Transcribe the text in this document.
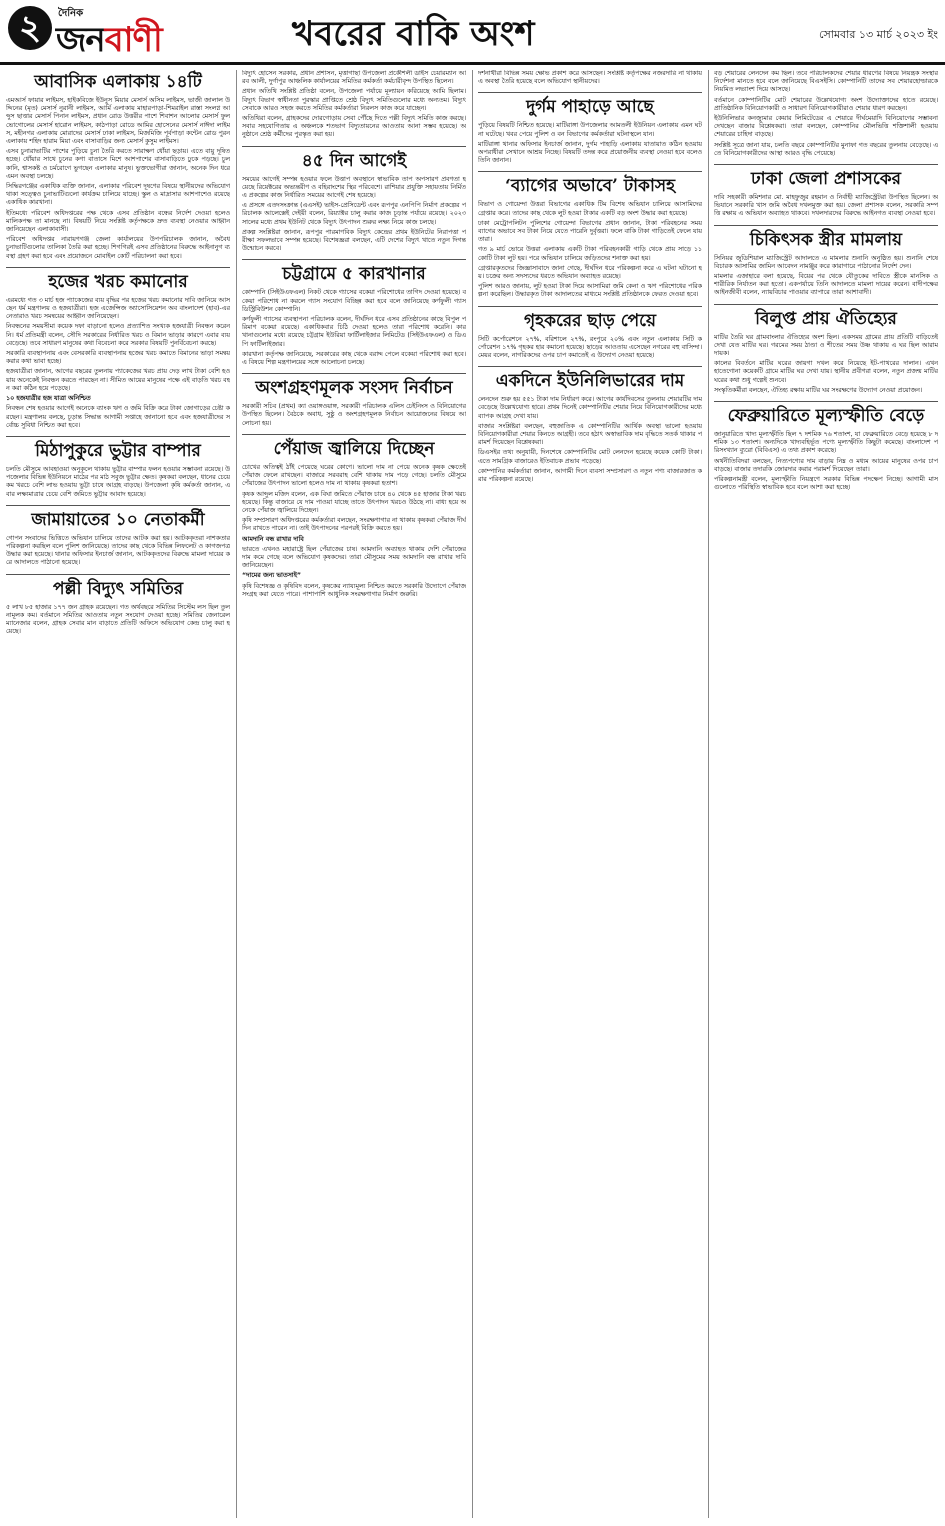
২	দৈনিক
জনবাণী	খবরের বাকি অংশ	সোমবার ১৩ মার্চ ২০২৩ ইং
আবাসিক এলাকায় ১৪টি

এমআর্স ফায়ার লাইমস, হাইকবিজে ইউনুস মিয়ার মেসার্স অসিম লাইমস, ভাজী জালাল উদ্দিনের (মৃত) মেসার্স নুরানী লাইমস, আর্মি এলাকায় মাহারপাড়া-শিমরাইল রাস্তা সংলগ্ন আব্দুস ছাত্তার মেসার্স পিনান লাইমস, প্রধান রোড উত্তরীর পাশে শিবাশন আলোর মেসার্স ফুল ভোগোলের মেসার্স হারোন লাইমস, কাঠপাড়া রোডে আমির হোসেনের মেসার্স নাঈদা লাইমস, মহীনগর এলাকায় মোরাদের মেসার্স ঢাকা লাইমস, মিজমিজি পূর্বপাড়া কন্টেন রোড পুরন এলাকায় শহিদ হারাম মিয়া এবং বাসাবাড়ির জন্য মেসার্স কুসুম লাইমস।

এসব চুনারাভাটির পাশের পুড়িয়ে চুনা তৈরি করতে সারাক্ষণ ধোঁয়া ছড়ায়। এতে বায়ু দূষিত হচ্ছে। ধোঁয়ার সাথে চুনের কণা বাতাসে মিশে আশপাশের বাসাবাড়িতে ঢুকে পড়ছে। চুলকানি, শ্বাসকষ্ট ও চর্মরোগে ভুগছেন এলাকার মানুষ। ভুক্তভোগীরা জানান, অনেক দিন ধরে এমন অবস্থা চলছে।

সিদ্ধিরগঞ্জের একাধিক ব্যক্তি জানান, এলাকার পরিবেশ দূষণের বিষয়ে স্থানীয়দের অভিযোগ থাকা সত্ত্বেও চুনাভাটিগুলো কার্যক্রম চালিয়ে যাচ্ছে। স্কুল ও মাদ্রাসার আশপাশেও রয়েছে একাধিক কারখানা।

ইতিমধ্যে পরিবেশ অধিদপ্তরের পক্ষ থেকে এসব প্রতিষ্ঠান বন্ধের নির্দেশ দেওয়া হলেও মালিকপক্ষ তা মানছে না। বিষয়টি নিয়ে সংশ্লিষ্ট কর্তৃপক্ষকে দ্রুত ব্যবস্থা নেওয়ার আহ্বান জানিয়েছেন এলাকাবাসী।

পরিবেশ অধিদপ্তর নারায়ণগঞ্জ জেলা কার্যালয়ের উপপরিচালক জানান, অবৈধ চুনাভাটিগুলোর তালিকা তৈরি করা হচ্ছে। শিগগিরই এসব প্রতিষ্ঠানের বিরুদ্ধে আইনানুগ ব্যবস্থা গ্রহণ করা হবে এবং প্রয়োজনে মোবাইল কোর্ট পরিচালনা করা হবে।

হজের খরচ কমানোর

এরমধ্যে গত ৩ মার্চ হজ প্যাকেজের ব্যয় বৃদ্ধির পর হজের খরচ কমানোর দাবি জানিয়ে আসছেন ধর্ম মন্ত্রণালয় ও হজযাত্রীরা। হজ এজেন্সিজ অ্যাসোসিয়েশন অব বাংলাদেশ (হাব)-এর নেতারাও খরচ সমন্বয়ের আহ্বান জানিয়েছেন।

নিবন্ধনের সময়সীমা কয়েক দফা বাড়ানো হলেও প্রত্যাশিত সংখ্যক হজযাত্রী নিবন্ধন করেননি। ধর্ম প্রতিমন্ত্রী বলেন, সৌদি সরকারের নির্ধারিত খরচ ও বিমান ভাড়ার কারণে এবার ব্যয় বেড়েছে। তবে সাধারণ মানুষের কথা বিবেচনা করে সরকার বিষয়টি পুনর্বিবেচনা করছে।

সরকারি ব্যবস্থাপনায় এবং বেসরকারি ব্যবস্থাপনায় হজের খরচ কমাতে বিমানের ভাড়া সমন্বয় করার কথা ভাবা হচ্ছে।

হজযাত্রীরা জানান, আগের বছরের তুলনায় প্যাকেজের খরচ প্রায় দেড় লাখ টাকা বেশি হওয়ায় অনেকেই নিবন্ধন করতে পারছেন না। সীমিত আয়ের মানুষের পক্ষে এই বাড়তি খরচ বহন করা কঠিন হয়ে পড়েছে।

১০ হজযাত্রীর হজ যাত্রা অনিশ্চিত

নিবন্ধন শেষ হওয়ার আগেই অনেকে ব্যাংক ঋণ ও জমি বিক্রি করে টাকা জোগাড়ের চেষ্টা করছেন। মন্ত্রণালয় বলছে, চূড়ান্ত সিদ্ধান্ত আগামী সপ্তাহে জানানো হবে এবং হজযাত্রীদের সর্বোচ্চ সুবিধা নিশ্চিত করা হবে।

মিঠাপুকুরে ভুট্টার বাম্পার

চলতি মৌসুমে আবহাওয়া অনুকূলে থাকায় ভুট্টার বাম্পার ফলন হওয়ার সম্ভাবনা রয়েছে। উপজেলার বিভিন্ন ইউনিয়নে মাঠের পর মাঠ সবুজ ভুট্টার ক্ষেত। কৃষকরা বলছেন, ধানের চেয়ে কম খরচে বেশি লাভ হওয়ায় ভুট্টা চাষে আগ্রহ বাড়ছে। উপজেলা কৃষি কর্মকর্তা জানান, এবার লক্ষ্যমাত্রার চেয়ে বেশি জমিতে ভুট্টার আবাদ হয়েছে।

জামায়াতের ১০ নেতাকর্মী

গোপন সংবাদের ভিত্তিতে অভিযান চালিয়ে তাদের আটক করা হয়। আটককৃতরা নাশকতার পরিকল্পনা করছিল বলে পুলিশ জানিয়েছে। তাদের কাছ থেকে বিভিন্ন লিফলেট ও কাগজপত্র উদ্ধার করা হয়েছে। থানার অফিসার ইনচার্জ জানান, আটককৃতদের বিরুদ্ধে মামলা দায়ের করে আদালতে পাঠানো হয়েছে।

পল্লী বিদ্যুৎ সমিতির

৫ লাখ ৮৫ হাজার ১৭৭ জন গ্রাহক রয়েছেন। গত অর্থবছরে সমিতির সিস্টেম লস ছিল তুলনামূলক কম। বর্তমানে সমিতির আওতায় নতুন সংযোগ দেওয়া হচ্ছে। সমিতির জেনারেল ম্যানেজার বলেন, গ্রাহক সেবার মান বাড়াতে প্রতিটি অফিসে অভিযোগ কেন্দ্র চালু করা হয়েছে।

বিদ্যুৎ হোসেন সরকার, প্রধান প্রশাসন, মৃত্তাগাছা উপজেলা প্রকৌশলী ডাইস চেয়ারম্যান আরব আলী, দুর্গাপুর আঞ্চলিক কার্যালয়ের সমিতির কর্মকর্তা কর্মচারীবৃন্দ উপস্থিত ছিলেন।

প্রধান অতিথি সংশ্লিষ্ট প্রতিষ্ঠা বলেন, উপজেলা পর্যায়ে মূল্যায়ন করিয়েছে আমি ছিলাম। বিদ্যুৎ বিভাগ স্বাধীনতা পুরস্কার প্রাপ্তিতে শ্রেষ্ঠ বিদ্যুৎ সমিতিগুলোর মধ্যে অন্যতম। বিদ্যুৎ সেবাকে আরও সহজ করতে সমিতির কর্মকর্তারা নিরলস কাজ করে যাচ্ছেন।

অতিথিরা বলেন, গ্রাহকদের দোরগোড়ায় সেবা পৌঁছে দিতে পল্লী বিদ্যুৎ সমিতি কাজ করছে। সবার সহযোগিতায় এ অঞ্চলকে শতভাগ বিদ্যুতায়নের আওতায় আনা সম্ভব হয়েছে। অনুষ্ঠানে শ্রেষ্ঠ কর্মীদের পুরস্কৃত করা হয়।

৪৫ দিন আগেই

সময়ের আগেই সম্পন্ন হওয়ার ফলে উত্তাপ অবস্থানে স্বাভাবিক তাপ অপসারণ প্রবণতা হয়েছে রিয়েক্টরের অভ্যন্তরীণ ও বহিরাংশের স্থির পরিবেশে। রাশিয়ার প্রযুক্তি সহায়তায় নির্মিত এ প্রকল্পের কাজ নির্ধারিত সময়ের আগেই শেষ হয়েছে।

এ প্রসঙ্গে এতদসংক্রান্ত (এএসই) ভাইস-প্রেসিডেন্ট এবং রূপপুর এনপিপি নির্মাণ প্রকল্পের পরিচালক আলেক্সেই দেইয়ী বলেন, রিয়্যাক্টর চালু করার কাজ চূড়ান্ত পর্যায়ে রয়েছে। ২০২৩ সালের মধ্যে প্রথম ইউনিট থেকে বিদ্যুৎ উৎপাদন শুরুর লক্ষ্য নিয়ে কাজ চলছে।

প্রকল্প সংশ্লিষ্টরা জানান, রূপপুর পারমাণবিক বিদ্যুৎ কেন্দ্রের প্রথম ইউনিটের নিরাপত্তা পরীক্ষা সফলভাবে সম্পন্ন হয়েছে। বিশেষজ্ঞরা বলছেন, এটি দেশের বিদ্যুৎ খাতে নতুন দিগন্ত উন্মোচন করবে।

চট্টগ্রামে ৫ কারখানার

কোম্পানি (সিইউএফএল) নিকট থেকে গ্যাসের বকেয়া পরিশোধের তাগিদ দেওয়া হয়েছে। বকেয়া পরিশোধ না করলে গ্যাস সংযোগ বিচ্ছিন্ন করা হবে বলে জানিয়েছে কর্ণফুলী গ্যাস ডিস্ট্রিবিউশন কোম্পানি।

কর্ণফুলী গ্যাসের ব্যবস্থাপনা পরিচালক বলেন, দীর্ঘদিন ধরে এসব প্রতিষ্ঠানের কাছে বিপুল পরিমাণ বকেয়া রয়েছে। একাধিকবার চিঠি দেওয়া হলেও তারা পরিশোধ করেনি। কারখানাগুলোর মধ্যে রয়েছে চট্টগ্রাম ইউরিয়া ফার্টিলাইজার লিমিটেড (সিইউএফএল) ও ডিএপি ফার্টিলাইজার।

কারখানা কর্তৃপক্ষ জানিয়েছে, সরকারের কাছ থেকে বরাদ্দ পেলে বকেয়া পরিশোধ করা হবে। এ বিষয়ে শিল্প মন্ত্রণালয়ের সঙ্গে আলোচনা চলছে।

অংশগ্রহণমূলক সংসদ নির্বাচন

সরকারী সচিব (প্রথম) ক্যা ওয়াঙ্গওয়াঙ্গ, সরকারী পরিচালক এলিস চেইনিংস ও বিনিয়োগের উপস্থিত ছিলেন। বৈঠকে অবাধ, সুষ্ঠু ও অংশগ্রহণমূলক নির্বাচন আয়োজনের বিষয়ে আলোচনা হয়।

পেঁয়াজ জ্বালিয়ে দিচ্ছেন

চোখের অতিত্বই ঠাঁই পেয়েছে ঘরের কোণে। ভালো দাম না পেয়ে অনেক কৃষক ক্ষেতেই পেঁয়াজ ফেলে রাখছেন। বাজারে সরবরাহ বেশি থাকায় দাম পড়ে গেছে। চলতি মৌসুমে পেঁয়াজের উৎপাদন ভালো হলেও দাম না থাকায় কৃষকরা হতাশ।

কৃষক আব্দুল মজিদ বলেন, এক বিঘা জমিতে পেঁয়াজ চাষে ৪০ থেকে ৪৫ হাজার টাকা খরচ হয়েছে। কিন্তু বাজারে যে দাম পাওয়া যাচ্ছে তাতে উৎপাদন খরচও উঠছে না। বাধ্য হয়ে অনেকে পেঁয়াজ জ্বালিয়ে দিচ্ছেন।

কৃষি সম্প্রসারণ অধিদপ্তরের কর্মকর্তারা বলছেন, সংরক্ষণাগার না থাকায় কৃষকরা পেঁয়াজ দীর্ঘদিন রাখতে পারেন না। তাই উৎপাদনের পরপরই বিক্রি করতে হয়।

আমদানি বন্ধ রাখার দাবি

ভারতে এখনও মহারাষ্ট্রে ছিল পেঁয়াজের চাষ। আমদানি অব্যাহত থাকায় দেশি পেঁয়াজের দাম কমে গেছে বলে অভিযোগ কৃষকদের। তারা মৌসুমের সময় আমদানি বন্ধ রাখার দাবি জানিয়েছেন।

“দামের জন্য ভাতসাই”

কৃষি বিশেষজ্ঞ ও কৃষিবিদ বলেন, কৃষকের ন্যায্যমূল্য নিশ্চিত করতে সরকারি উদ্যোগে পেঁয়াজ সংগ্রহ করা যেতে পারে। পাশাপাশি আধুনিক সংরক্ষণাগার নির্মাণ জরুরি।

দর্শনার্থীরা বিভিন্ন সময় ক্ষোভ প্রকাশ করে আসছেন। সংশ্লিষ্ট কর্তৃপক্ষের নজরদারি না থাকায় এ অবস্থা তৈরি হয়েছে বলে অভিযোগ স্থানীয়দের।

দুর্গম পাহাড়ে আছে

পুড়িয়ে বিষয়টি নিশ্চিত হয়েছে। মাটিরাঙ্গা উপজেলার আমতলী ইউনিয়ন এলাকায় এমন ঘটনা ঘটেছে। খবর পেয়ে পুলিশ ও বন বিভাগের কর্মকর্তারা ঘটনাস্থলে যান।

মাটিরাঙ্গা থানার অফিসার ইনচার্জ জানান, দুর্গম পাহাড়ি এলাকায় যাতায়াত কঠিন হওয়ায় অপরাধীরা সেখানে আশ্রয় নিচ্ছে। বিষয়টি তদন্ত করে প্রয়োজনীয় ব্যবস্থা নেওয়া হবে বলেও তিনি জানান।

‘ব্যাগের অভাবে’ টাকাসহ

বিভাগ ও গোয়েন্দা উত্তরা বিভাগের একাধিক টিম বিশেষ অভিযান চালিয়ে আসামিদের গ্রেপ্তার করে। তাদের কাছ থেকে লুট হওয়া টাকার একটি বড় অংশ উদ্ধার করা হয়েছে।

ঢাকা মেট্রোপলিটন পুলিশের গোয়েন্দা বিভাগের প্রধান জানান, টাকা পরিবহনের সময় ব্যাগের অভাবে সব টাকা নিয়ে যেতে পারেনি দুর্বৃত্তরা। ফলে বাকি টাকা গাড়িতেই ফেলে যায় তারা।

গত ৯ মার্চ ভোরে উত্তরা এলাকায় একটি টাকা পরিবহনকারী গাড়ি থেকে প্রায় সাড়ে ১১ কোটি টাকা লুট হয়। পরে অভিযান চালিয়ে জড়িতদের শনাক্ত করা হয়।

গ্রেপ্তারকৃতদের জিজ্ঞাসাবাদে জানা গেছে, দীর্ঘদিন ধরে পরিকল্পনা করে এ ঘটনা ঘটানো হয়। চক্রের অন্য সদস্যদের ধরতে অভিযান অব্যাহত রয়েছে।

পুলিশ আরও জানায়, লুট হওয়া টাকা দিয়ে আসামিরা জমি কেনা ও ঋণ পরিশোধের পরিকল্পনা করেছিল। উদ্ধারকৃত টাকা আদালতের মাধ্যমে সংশ্লিষ্ট প্রতিষ্ঠানকে ফেরত দেওয়া হবে।

গৃহকরের ছাড় পেয়ে

সিটি কর্পোরেশনে ২৭%, বরিশালে ২৭%, রংপুরে ২০% এবং নতুন এলাকায় সিটি কর্পোরেশন ১৭% গৃহকর হার কমানো হয়েছে। ছাড়ের আওতায় এসেছেন নগরের বহু বাসিন্দা। মেয়র বলেন, নাগরিকদের ওপর চাপ কমাতেই এ উদ্যোগ নেওয়া হয়েছে।

একদিনে ইউনিলিভারের দাম

লেনদেন শুরু হয় ৫৫১ টাকা দাম নির্ধারণ করে। আগের কার্যদিবসের তুলনায় শেয়ারটির দাম বেড়েছে উল্লেখযোগ্য হারে। প্রথম দিনেই কোম্পানিটির শেয়ার নিয়ে বিনিয়োগকারীদের মধ্যে ব্যাপক আগ্রহ দেখা যায়।

বাজার সংশ্লিষ্টরা বলছেন, বহুজাতিক এ কোম্পানিটির আর্থিক অবস্থা ভালো হওয়ায় বিনিয়োগকারীরা শেয়ার কিনতে আগ্রহী। তবে হঠাৎ অস্বাভাবিক দাম বৃদ্ধিতে সতর্ক থাকার পরামর্শ দিয়েছেন বিশ্লেষকরা।

ডিএসইর তথ্য অনুযায়ী, দিনশেষে কোম্পানিটির মোট লেনদেন হয়েছে কয়েক কোটি টাকা। এতে সামগ্রিক বাজারেও ইতিবাচক প্রভাব পড়েছে।

কোম্পানির কর্মকর্তারা জানান, আগামী দিনে ব্যবসা সম্প্রসারণ ও নতুন পণ্য বাজারজাত করার পরিকল্পনা রয়েছে।

বড় শেয়ারের লেনদেন কম ছিল। তবে পরিচালকদের শেয়ার ধারণের বিষয়ে নিয়ন্ত্রক সংস্থার নির্দেশনা মানতে হবে বলে জানিয়েছে বিএসইসি। কোম্পানিটি তাদের সব শেয়ারহোল্ডারকে নিয়মিত লভ্যাংশ দিয়ে আসছে।

বর্তমানে কোম্পানিটির মোট শেয়ারের উল্লেখযোগ্য অংশ উদ্যোক্তাদের হাতে রয়েছে। প্রাতিষ্ঠানিক বিনিয়োগকারী ও সাধারণ বিনিয়োগকারীরাও শেয়ার ধারণ করছেন।

ইউনিলিভার কনজ্যুমার কেয়ার লিমিটেডের এ শেয়ারে দীর্ঘমেয়াদি বিনিয়োগের সম্ভাবনা দেখছেন বাজার বিশ্লেষকরা। তারা বলছেন, কোম্পানির মৌলভিত্তি শক্তিশালী হওয়ায় শেয়ারের চাহিদা বাড়ছে।

সংশ্লিষ্ট সূত্রে জানা যায়, চলতি বছরে কোম্পানিটির মুনাফা গত বছরের তুলনায় বেড়েছে। এতে বিনিয়োগকারীদের আস্থা আরও বৃদ্ধি পেয়েছে।

ঢাকা জেলা প্রশাসকের

দাবি সহকারী কমিশনার মো. মাহফুজুর রহমান ও নির্বাহী ম্যাজিস্ট্রেটরা উপস্থিত ছিলেন। অভিযানে সরকারি খাস জমি অবৈধ দখলমুক্ত করা হয়। জেলা প্রশাসক বলেন, সরকারি সম্পত্তি রক্ষায় এ অভিযান অব্যাহত থাকবে। দখলদারদের বিরুদ্ধে আইনগত ব্যবস্থা নেওয়া হবে।

চিকিৎসক স্ত্রীর মামলায়

সিনিয়র জুডিশিয়াল ম্যাজিস্ট্রেট আদালতে এ মামলার শুনানি অনুষ্ঠিত হয়। শুনানি শেষে বিচারক আসামির জামিন আবেদন নামঞ্জুর করে কারাগারে পাঠানোর নির্দেশ দেন।

মামলার এজাহারে বলা হয়েছে, বিয়ের পর থেকে যৌতুকের দাবিতে স্ত্রীকে মানসিক ও শারীরিক নির্যাতন করা হতো। একপর্যায়ে তিনি আদালতে মামলা দায়ের করেন। বাদীপক্ষের আইনজীবী বলেন, ন্যায়বিচার পাওয়ার ব্যাপারে তারা আশাবাদী।

বিলুপ্ত প্রায় ঐতিহ্যের

মাটির তৈরি ঘর গ্রামবাংলার ঐতিহ্যের অংশ ছিল। একসময় গ্রামের প্রায় প্রতিটি বাড়িতেই দেখা যেত মাটির ঘর। গরমের সময় ঠাণ্ডা ও শীতের সময় উষ্ণ থাকায় এ ঘর ছিল আরামদায়ক।

কালের বিবর্তনে মাটির ঘরের জায়গা দখল করে নিয়েছে ইট-পাথরের দালান। এখন হাতেগোনা কয়েকটি গ্রামে মাটির ঘর দেখা যায়। স্থানীয় প্রবীণরা বলেন, নতুন প্রজন্ম মাটির ঘরের কথা শুধু গল্পেই শুনবে।

সংস্কৃতিকর্মীরা বলছেন, ঐতিহ্য রক্ষায় মাটির ঘর সংরক্ষণের উদ্যোগ নেওয়া প্রয়োজন।

ফেব্রুয়ারিতে মূল্যস্ফীতি বেড়ে

জানুয়ারিতে খাদ্য মূল্যস্ফীতি ছিল ৭ দশমিক ৭৬ শতাংশ, যা ফেব্রুয়ারিতে বেড়ে হয়েছে ৮ দশমিক ১৩ শতাংশ। অন্যদিকে খাদ্যবহির্ভূত পণ্যে মূল্যস্ফীতি কিছুটা কমেছে। বাংলাদেশ পরিসংখ্যান ব্যুরো (বিবিএস) এ তথ্য প্রকাশ করেছে।

অর্থনীতিবিদরা বলছেন, নিত্যপণ্যের দাম বাড়ায় নিম্ন ও মধ্যম আয়ের মানুষের ওপর চাপ বাড়ছে। বাজার তদারকি জোরদার করার পরামর্শ দিয়েছেন তারা।

পরিকল্পনামন্ত্রী বলেন, মূল্যস্ফীতি নিয়ন্ত্রণে সরকার বিভিন্ন পদক্ষেপ নিচ্ছে। আগামী মাসগুলোতে পরিস্থিতি স্বাভাবিক হবে বলে আশা করা হচ্ছে।
